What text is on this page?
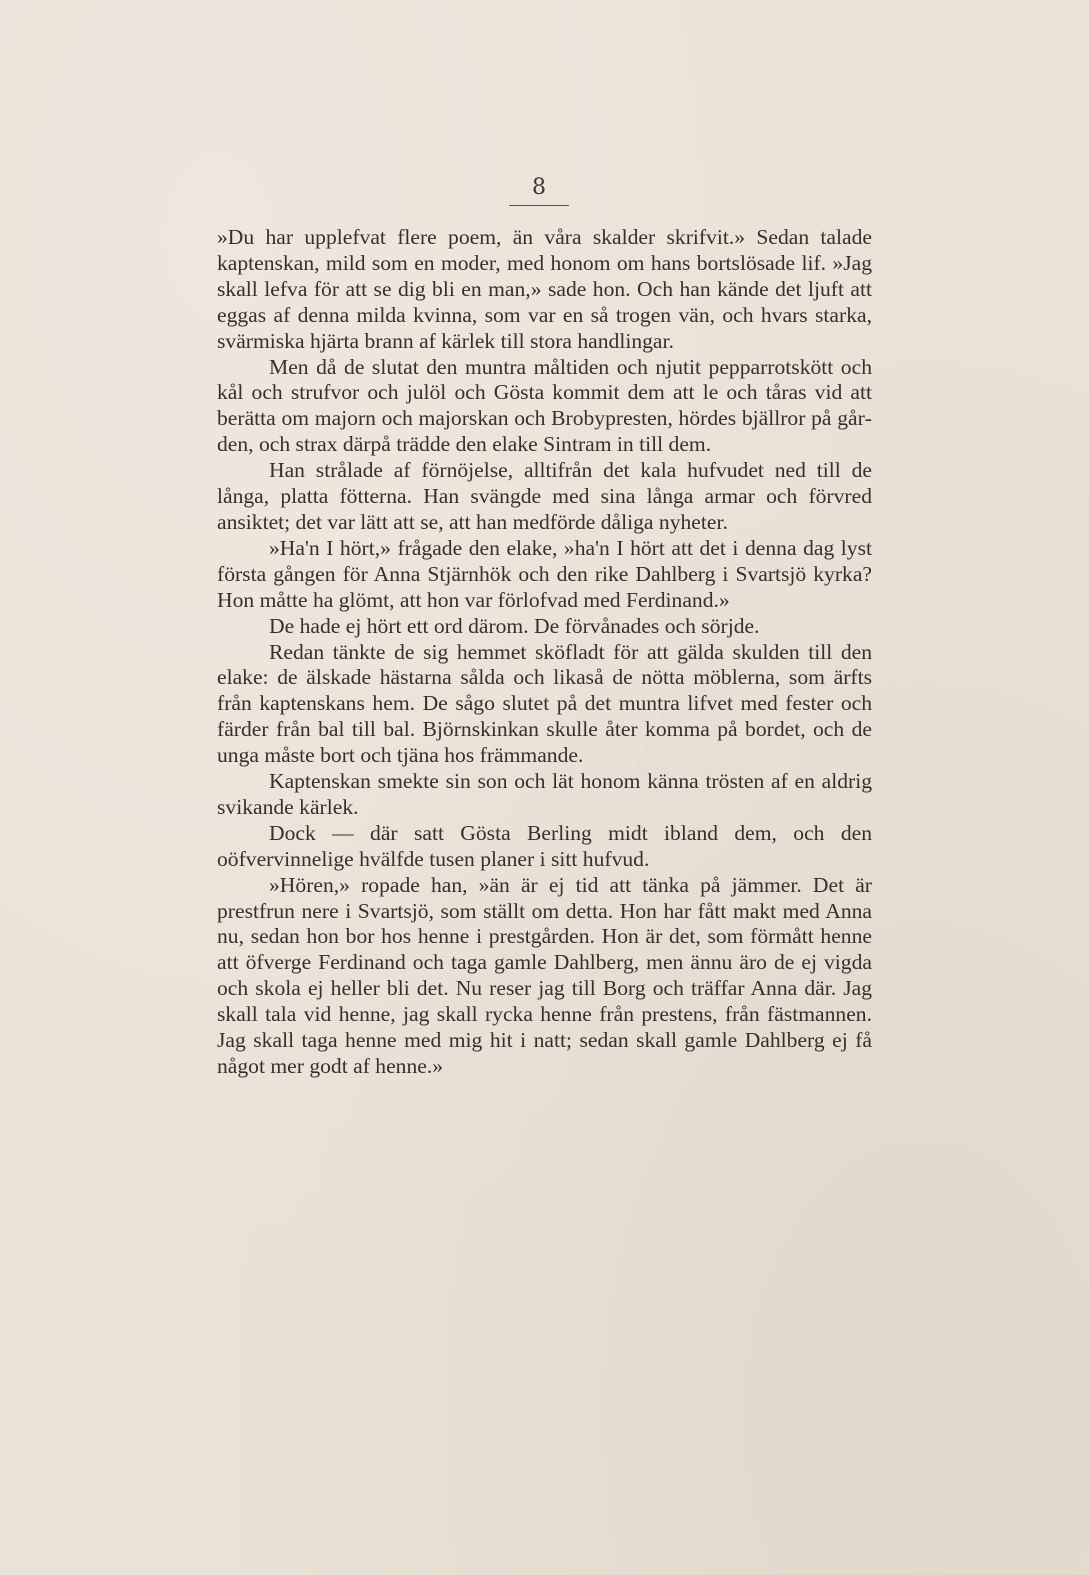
8

»Du har upplefvat flere poem, än våra skalder skrifvit.» Sedan talade kaptenskan, mild som en moder, med honom om hans bortslösade lif. »Jag skall lefva för att se dig bli en man,» sade hon. Och han kände det ljuft att eggas af denna milda kvinna, som var en så trogen vän, och hvars starka, svärmiska hjärta brann af kärlek till stora handlingar.

Men då de slutat den muntra måltiden och njutit pepparrotskött och kål och strufvor och julöl och Gösta kommit dem att le och tåras vid att berätta om majorn och majorskan och Brobypresten, hördes bjällror på gården, och strax därpå trädde den elake Sintram in till dem.

Han strålade af förnöjelse, alltifrån det kala hufvudet ned till de långa, platta fötterna. Han svängde med sina långa armar och förvred ansiktet; det var lätt att se, att han medförde dåliga nyheter.

»Ha'n I hört,» frågade den elake, »ha'n I hört att det i denna dag lyst första gången för Anna Stjärnhök och den rike Dahlberg i Svartsjö kyrka? Hon måtte ha glömt, att hon var förlofvad med Ferdinand.»

De hade ej hört ett ord därom. De förvånades och sörjde.

Redan tänkte de sig hemmet sköfladt för att gälda skulden till den elake: de älskade hästarna sålda och likaså de nötta möblerna, som ärfts från kaptenskans hem. De sågo slutet på det muntra lifvet med fester och färder från bal till bal. Björnskinkan skulle åter komma på bordet, och de unga måste bort och tjäna hos främmande.

Kaptenskan smekte sin son och lät honom känna trösten af en aldrig svikande kärlek.

Dock — där satt Gösta Berling midt ibland dem, och den oöfvervinnelige hvälfde tusen planer i sitt hufvud.

»Hören,» ropade han, »än är ej tid att tänka på jämmer. Det är prestfrun nere i Svartsjö, som ställt om detta. Hon har fått makt med Anna nu, sedan hon bor hos henne i prestgården. Hon är det, som förmått henne att öfverge Ferdinand och taga gamle Dahlberg, men ännu äro de ej vigda och skola ej heller bli det. Nu reser jag till Borg och träffar Anna där. Jag skall tala vid henne, jag skall rycka henne från prestens, från fästmannen. Jag skall taga henne med mig hit i natt; sedan skall gamle Dahlberg ej få något mer godt af henne.»
